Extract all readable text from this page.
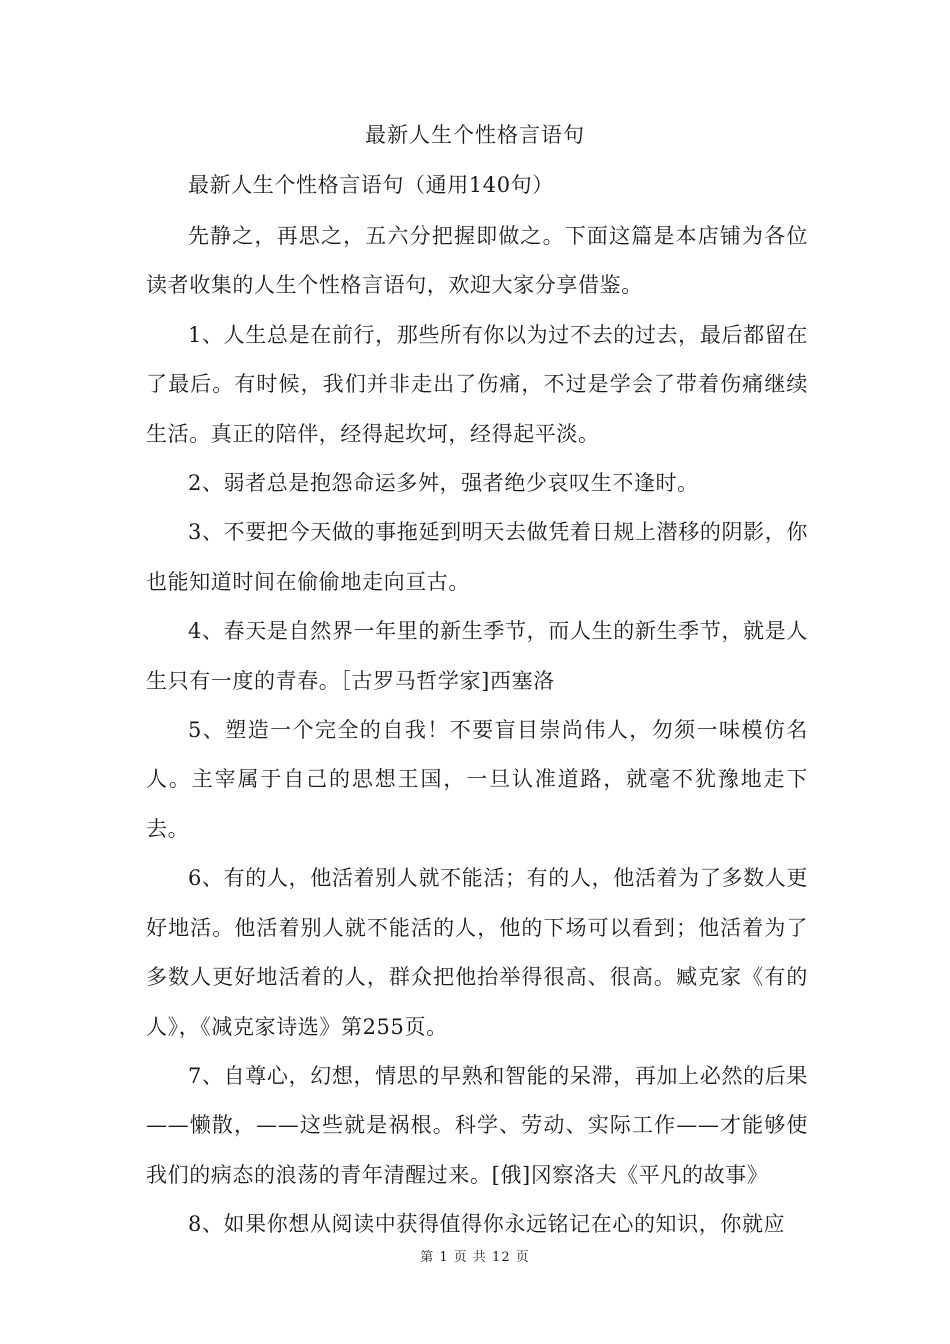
最新人生个性格言语句

最新人生个性格言语句（通用140句）

先静之，再思之，五六分把握即做之。下面这篇是本店铺为各位读者收集的人生个性格言语句，欢迎大家分享借鉴。

1、人生总是在前行，那些所有你以为过不去的过去，最后都留在了最后。有时候，我们并非走出了伤痛，不过是学会了带着伤痛继续生活。真正的陪伴，经得起坎坷，经得起平淡。

2、弱者总是抱怨命运多舛，强者绝少哀叹生不逢时。

3、不要把今天做的事拖延到明天去做凭着日规上潜移的阴影，你也能知道时间在偷偷地走向亘古。

4、春天是自然界一年里的新生季节，而人生的新生季节，就是人生只有一度的青春。［古罗马哲学家]西塞洛

5、塑造一个完全的自我！不要盲目崇尚伟人，勿须一味模仿名人。主宰属于自己的思想王国，一旦认准道路，就毫不犹豫地走下去。

6、有的人，他活着别人就不能活；有的人，他活着为了多数人更好地活。他活着别人就不能活的人，他的下场可以看到；他活着为了多数人更好地活着的人，群众把他抬举得很高、很高。臧克家《有的人》，《减克家诗选》第255页。

7、自尊心，幻想，情思的早熟和智能的呆滞，再加上必然的后果——懒散，——这些就是祸根。科学、劳动、实际工作——才能够使我们的病态的浪荡的青年清醒过来。[俄]冈察洛夫《平凡的故事》

8、如果你想从阅读中获得值得你永远铭记在心的知识，你就应

第 1 页 共 12 页
